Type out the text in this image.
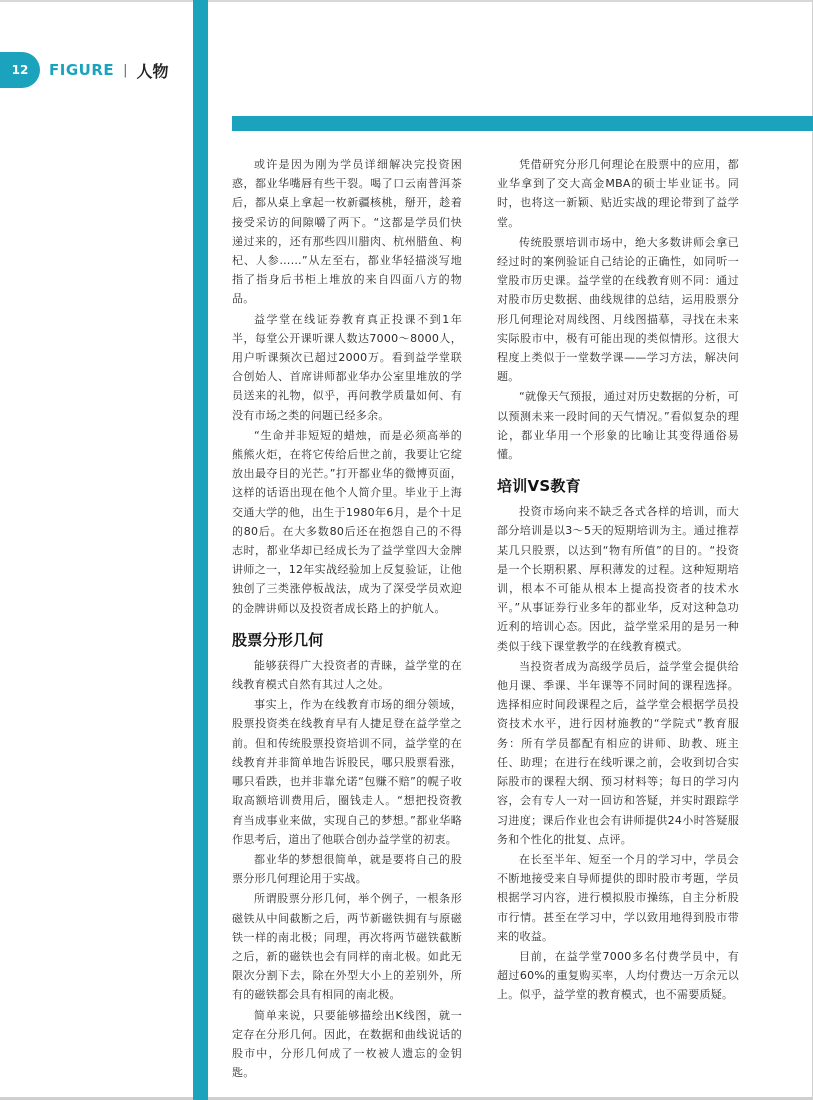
12	FIGURE | 人物

或许是因为刚为学员详细解决完投资困惑，都业华嘴唇有些干裂。喝了口云南普洱茶后，都从桌上拿起一枚新疆核桃，掰开，趁着接受采访的间隙嚼了两下。“这都是学员们快递过来的，还有那些四川腊肉、杭州腊鱼、枸杞、人参……”从左至右，都业华轻描淡写地指了指身后书柜上堆放的来自四面八方的物品。

益学堂在线证券教育真正投课不到1年半，每堂公开课听课人数达7000～8000人，用户听课频次已超过2000万。看到益学堂联合创始人、首席讲师都业华办公室里堆放的学员送来的礼物，似乎，再问教学质量如何、有没有市场之类的问题已经多余。

“生命并非短短的蜡烛，而是必须高举的熊熊火炬，在将它传给后世之前，我要让它绽放出最夺目的光芒。”打开都业华的微博页面，这样的话语出现在他个人简介里。毕业于上海交通大学的他，出生于1980年6月，是个十足的80后。在大多数80后还在抱怨自己的不得志时，都业华却已经成长为了益学堂四大金牌讲师之一，12年实战经验加上反复验证，让他独创了三类涨停板战法，成为了深受学员欢迎的金牌讲师以及投资者成长路上的护航人。

股票分形几何

能够获得广大投资者的青睐，益学堂的在线教育模式自然有其过人之处。

事实上，作为在线教育市场的细分领域，股票投资类在线教育早有人捷足登在益学堂之前。但和传统股票投资培训不同，益学堂的在线教育并非简单地告诉股民，哪只股票看涨，哪只看跌，也并非靠允诺“包赚不赔”的幌子收取高额培训费用后，圈钱走人。“想把投资教育当成事业来做，实现自己的梦想。”都业华略作思考后，道出了他联合创办益学堂的初衷。

都业华的梦想很简单，就是要将自己的股票分形几何理论用于实战。

所谓股票分形几何，举个例子，一根条形磁铁从中间截断之后，两节新磁铁拥有与原磁铁一样的南北极；同理，再次将两节磁铁截断之后，新的磁铁也会有同样的南北极。如此无限次分割下去，除在外型大小上的差别外，所有的磁铁都会具有相同的南北极。

简单来说，只要能够描绘出K线图，就一定存在分形几何。因此，在数据和曲线说话的股市中，分形几何成了一枚被人遗忘的金钥匙。

凭借研究分形几何理论在股票中的应用，都业华拿到了交大高金MBA的硕士毕业证书。同时，也将这一新颖、贴近实战的理论带到了益学堂。

传统股票培训市场中，绝大多数讲师会拿已经过时的案例验证自己结论的正确性，如同听一堂股市历史课。益学堂的在线教育则不同：通过对股市历史数据、曲线规律的总结，运用股票分形几何理论对周线图、月线图描摹，寻找在未来实际股市中，极有可能出现的类似情形。这很大程度上类似于一堂数学课——学习方法，解决问题。

“就像天气预报，通过对历史数据的分析，可以预测未来一段时间的天气情况。”看似复杂的理论，都业华用一个形象的比喻让其变得通俗易懂。

培训VS教育

投资市场向来不缺乏各式各样的培训，而大部分培训是以3～5天的短期培训为主。通过推荐某几只股票，以达到“物有所值”的目的。“投资是一个长期积累、厚积薄发的过程。这种短期培训，根本不可能从根本上提高投资者的技术水平。”从事证券行业多年的都业华，反对这种急功近利的培训心态。因此，益学堂采用的是另一种类似于线下课堂教学的在线教育模式。

当投资者成为高级学员后，益学堂会提供给他月课、季课、半年课等不同时间的课程选择。选择相应时间段课程之后，益学堂会根据学员投资技术水平，进行因材施教的“学院式”教育服务：所有学员都配有相应的讲师、助教、班主任、助理；在进行在线听课之前，会收到切合实际股市的课程大纲、预习材料等；每日的学习内容，会有专人一对一回访和答疑，并实时跟踪学习进度；课后作业也会有讲师提供24小时答疑服务和个性化的批复、点评。

在长至半年、短至一个月的学习中，学员会不断地接受来自导师提供的即时股市考题，学员根据学习内容，进行模拟股市操练，自主分析股市行情。甚至在学习中，学以致用地得到股市带来的收益。

目前，在益学堂7000多名付费学员中，有超过60%的重复购买率，人均付费达一万余元以上。似乎，益学堂的教育模式，也不需要质疑。
